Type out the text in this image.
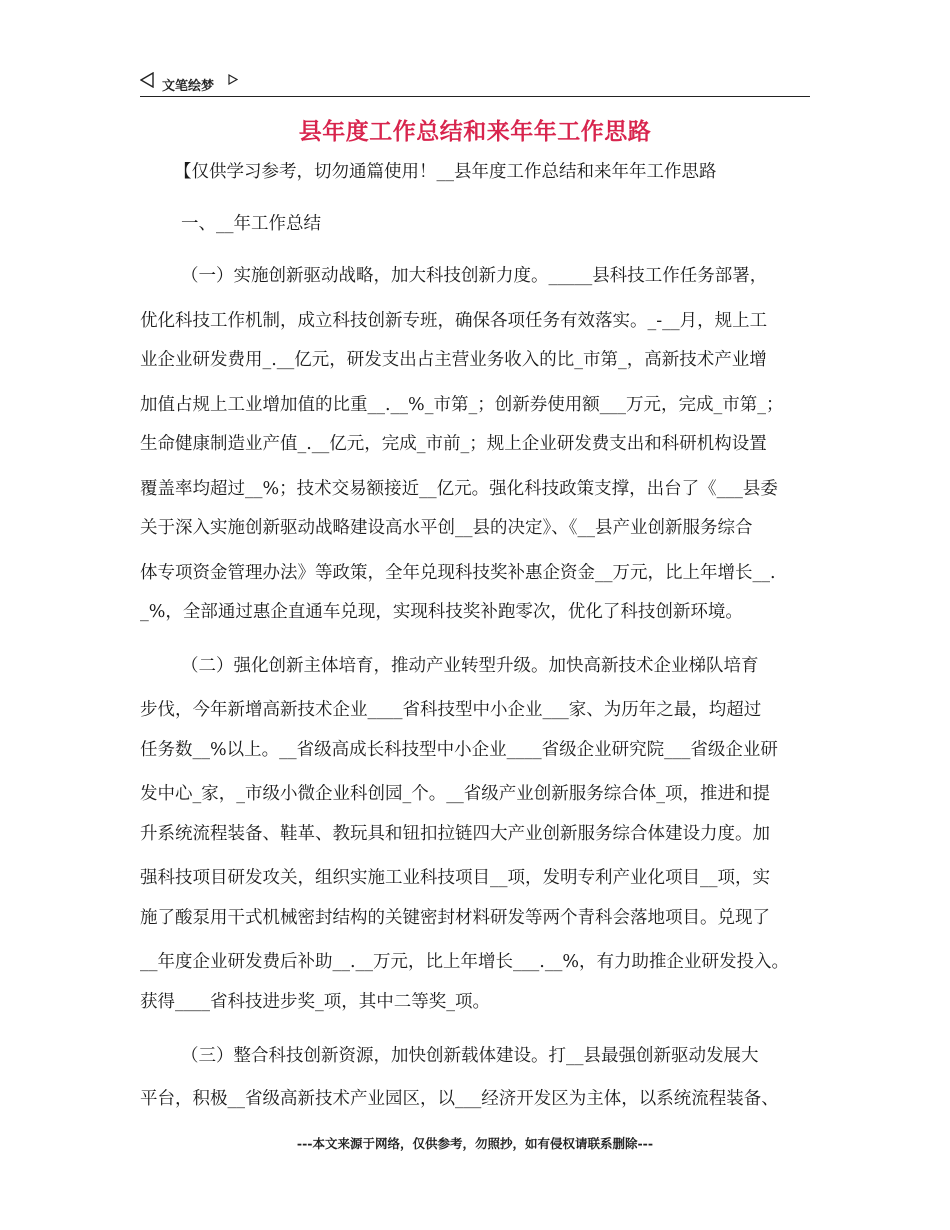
文笔绘梦
县年度工作总结和来年年工作思路
【仅供学习参考，切勿通篇使用！__县年度工作总结和来年年工作思路
一、__年工作总结
（一）实施创新驱动战略，加大科技创新力度。_____县科技工作任务部署，
优化科技工作机制，成立科技创新专班，确保各项任务有效落实。_-__月，规上工
业企业研发费用_.__亿元，研发支出占主营业务收入的比_市第_，高新技术产业增
加值占规上工业增加值的比重__.__%_市第_；创新券使用额___万元，完成_市第_；
生命健康制造业产值_.__亿元，完成_市前_；规上企业研发费支出和科研机构设置
覆盖率均超过__%；技术交易额接近__亿元。强化科技政策支撑，出台了《___县委
关于深入实施创新驱动战略建设高水平创__县的决定》、《__县产业创新服务综合
体专项资金管理办法》等政策，全年兑现科技奖补惠企资金__万元，比上年增长__.
_%，全部通过惠企直通车兑现，实现科技奖补跑零次，优化了科技创新环境。
（二）强化创新主体培育，推动产业转型升级。加快高新技术企业梯队培育
步伐，今年新增高新技术企业____省科技型中小企业___家、为历年之最，均超过
任务数__%以上。__省级高成长科技型中小企业____省级企业研究院___省级企业研
发中心_家，_市级小微企业科创园_个。__省级产业创新服务综合体_项，推进和提
升系统流程装备、鞋革、教玩具和钮扣拉链四大产业创新服务综合体建设力度。加
强科技项目研发攻关，组织实施工业科技项目__项，发明专利产业化项目__项，实
施了酸泵用干式机械密封结构的关键密封材料研发等两个青科会落地项目。兑现了
__年度企业研发费后补助__.__万元，比上年增长___.__%，有力助推企业研发投入。
获得____省科技进步奖_项，其中二等奖_项。
（三）整合科技创新资源，加快创新载体建设。打__县最强创新驱动发展大
平台，积极__省级高新技术产业园区，以___经济开发区为主体，以系统流程装备、
---本文来源于网络，仅供参考，勿照抄，如有侵权请联系删除---
